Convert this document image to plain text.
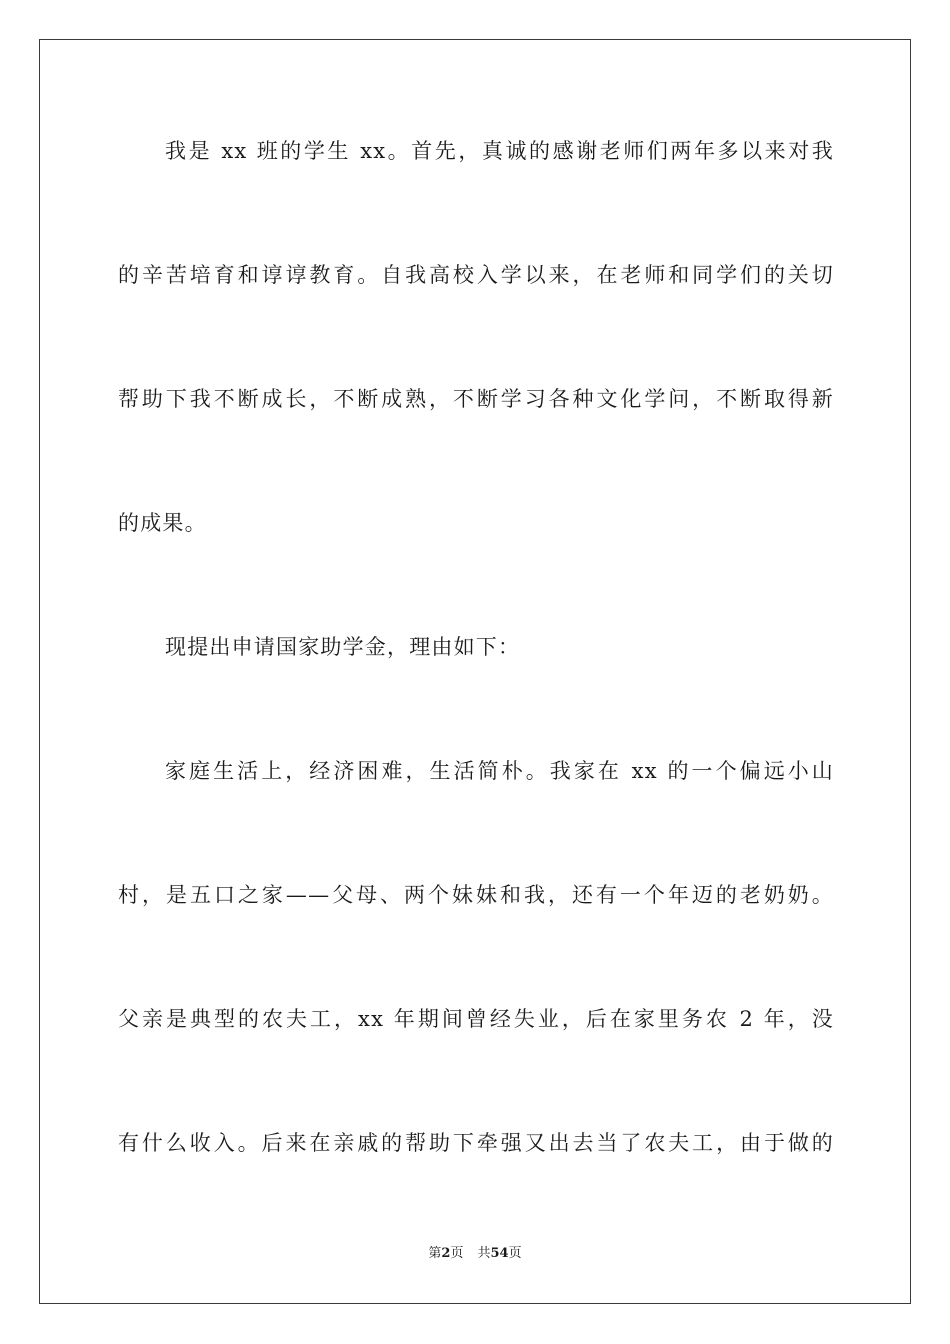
我是 xx 班的学生 xx。首先，真诚的感谢老师们两年多以来对我
的辛苦培育和谆谆教育。自我高校入学以来，在老师和同学们的关切
帮助下我不断成长，不断成熟，不断学习各种文化学问，不断取得新
的成果。
现提出申请国家助学金，理由如下：
家庭生活上，经济困难，生活简朴。我家在 xx 的一个偏远小山
村，是五口之家——父母、两个妹妹和我，还有一个年迈的老奶奶。
父亲是典型的农夫工，xx 年期间曾经失业，后在家里务农 2 年，没
有什么收入。后来在亲戚的帮助下牵强又出去当了农夫工，由于做的
第2页 共54页
